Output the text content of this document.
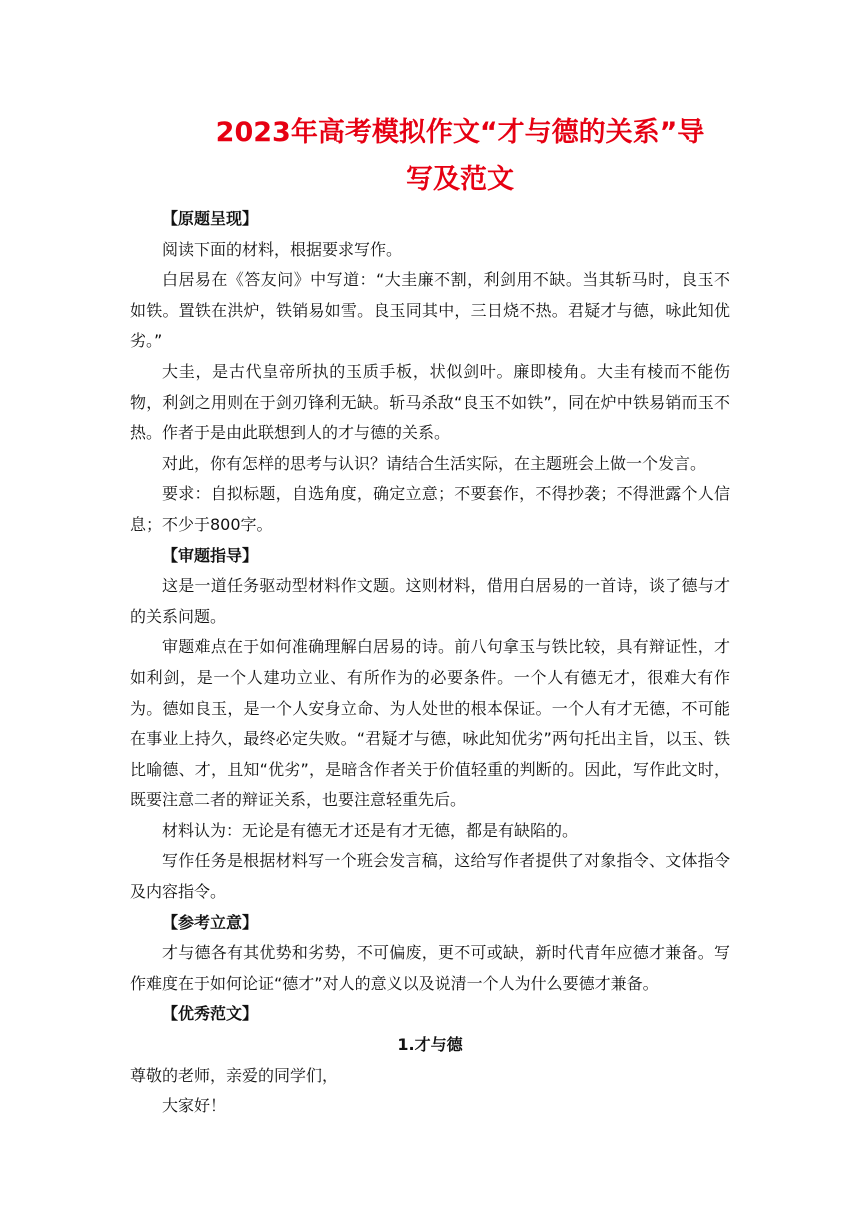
2023年高考模拟作文“才与德的关系”导
写及范文

【原题呈现】

阅读下面的材料，根据要求写作。

白居易在《答友问》中写道：“大圭廉不割，利剑用不缺。当其斩马时，良玉不如铁。置铁在洪炉，铁销易如雪。良玉同其中，三日烧不热。君疑才与德，咏此知优劣。”

大圭，是古代皇帝所执的玉质手板，状似剑叶。廉即棱角。大圭有棱而不能伤物，利剑之用则在于剑刃锋利无缺。斩马杀敌“良玉不如铁”，同在炉中铁易销而玉不热。作者于是由此联想到人的才与德的关系。

对此，你有怎样的思考与认识？请结合生活实际，在主题班会上做一个发言。

要求：自拟标题，自选角度，确定立意；不要套作，不得抄袭；不得泄露个人信息；不少于800字。

【审题指导】

这是一道任务驱动型材料作文题。这则材料，借用白居易的一首诗，谈了德与才的关系问题。

审题难点在于如何准确理解白居易的诗。前八句拿玉与铁比较，具有辩证性，才如利剑，是一个人建功立业、有所作为的必要条件。一个人有德无才，很难大有作为。德如良玉，是一个人安身立命、为人处世的根本保证。一个人有才无德，不可能在事业上持久，最终必定失败。“君疑才与德，咏此知优劣”两句托出主旨，以玉、铁比喻德、才，且知“优劣”，是暗含作者关于价值轻重的判断的。因此，写作此文时，既要注意二者的辩证关系，也要注意轻重先后。

材料认为：无论是有德无才还是有才无德，都是有缺陷的。

写作任务是根据材料写一个班会发言稿，这给写作者提供了对象指令、文体指令及内容指令。

【参考立意】

才与德各有其优势和劣势，不可偏废，更不可或缺，新时代青年应德才兼备。写作难度在于如何论证“德才”对人的意义以及说清一个人为什么要德才兼备。

【优秀范文】

1.才与德

尊敬的老师，亲爱的同学们，

大家好！
